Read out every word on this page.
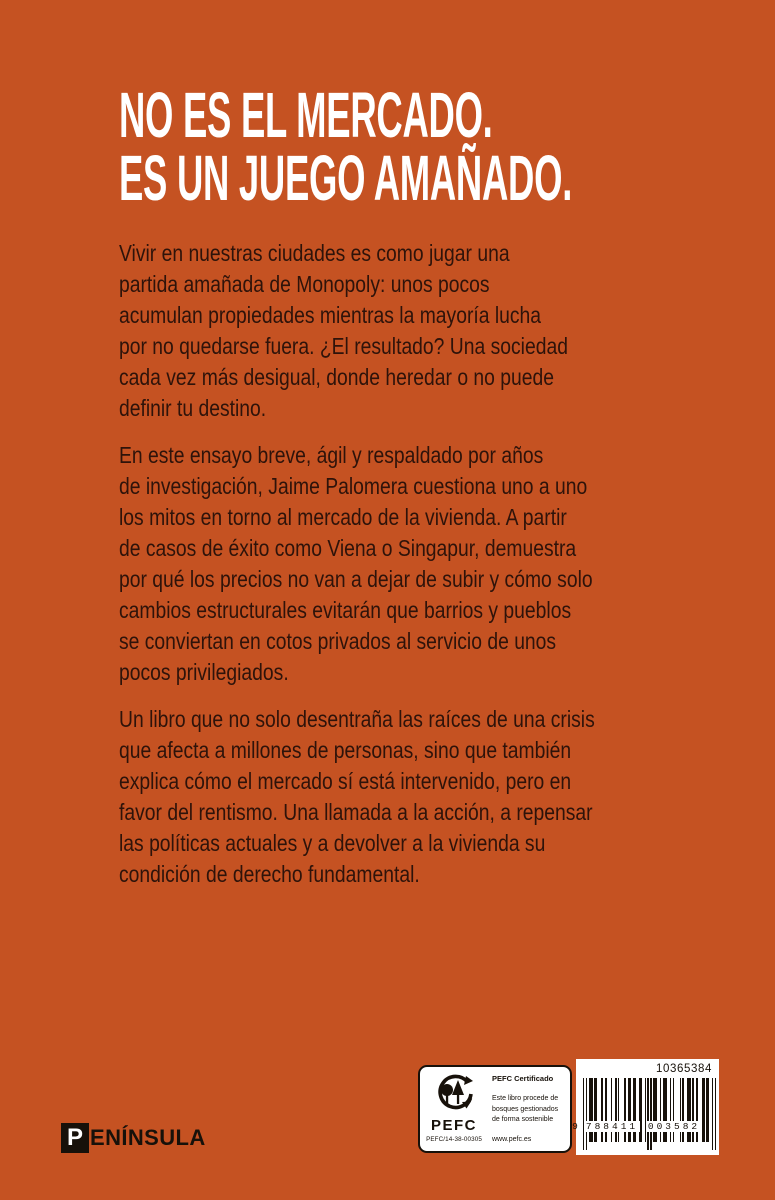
NO ES EL MERCADO.
ES UN JUEGO AMAÑADO.
Vivir en nuestras ciudades es como jugar una
partida amañada de Monopoly: unos pocos
acumulan propiedades mientras la mayoría lucha
por no quedarse fuera. ¿El resultado? Una sociedad
cada vez más desigual, donde heredar o no puede
definir tu destino.
En este ensayo breve, ágil y respaldado por años
de investigación, Jaime Palomera cuestiona uno a uno
los mitos en torno al mercado de la vivienda. A partir
de casos de éxito como Viena o Singapur, demuestra
por qué los precios no van a dejar de subir y cómo solo
cambios estructurales evitarán que barrios y pueblos
se conviertan en cotos privados al servicio de unos
pocos privilegiados.
Un libro que no solo desentraña las raíces de una crisis
que afecta a millones de personas, sino que también
explica cómo el mercado sí está intervenido, pero en
favor del rentismo. Una llamada a la acción, a repensar
las políticas actuales y a devolver a la vivienda su
condición de derecho fundamental.
P ENÍNSULA	PEFC
PEFC/14-38-00305
PEFC Certificado
Este libro procede de
bosques gestionados
de forma sostenible
www.pefc.es
10365384
9 788411 003582
